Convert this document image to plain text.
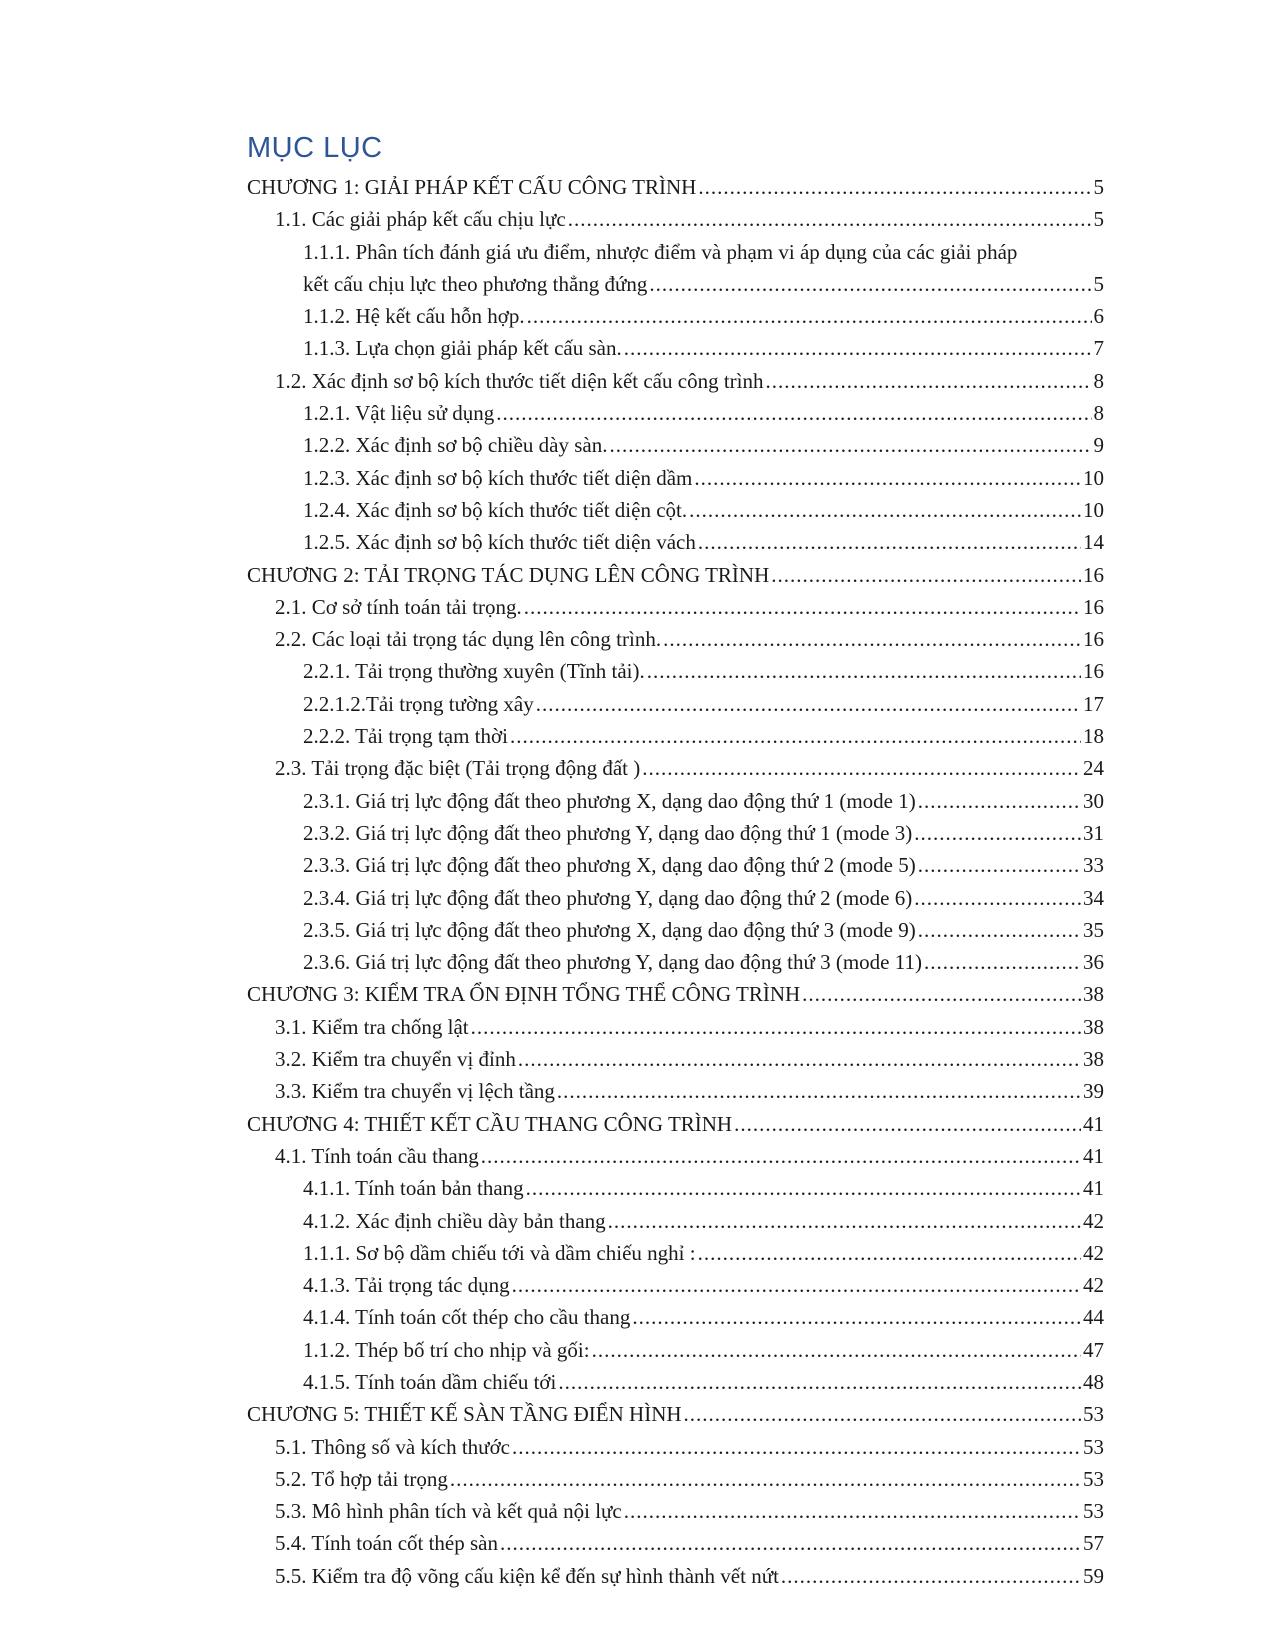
MỤC LỤC
CHƯƠNG 1: GIẢI PHÁP KẾT CẤU CÔNG TRÌNH .....	5
1.1. Các giải pháp kết cấu chịu lực .....	5
1.1.1. Phân tích đánh giá ưu điểm, nhược điểm và phạm vi áp dụng của các giải pháp
kết cấu chịu lực theo phương thẳng đứng .....	5
1.1.2. Hệ kết cấu hỗn hợp. .....	6
1.1.3. Lựa chọn giải pháp kết cấu sàn. .....	7
1.2. Xác định sơ bộ kích thước tiết diện kết cấu công trình .....	8
1.2.1. Vật liệu sử dụng .....	8
1.2.2. Xác định sơ bộ chiều dày sàn. .....	9
1.2.3. Xác định sơ bộ kích thước tiết diện dầm .....	10
1.2.4. Xác định sơ bộ kích thước tiết diện cột. .....	10
1.2.5. Xác định sơ bộ kích thước tiết diện vách .....	14
CHƯƠNG 2: TẢI TRỌNG TÁC DỤNG LÊN CÔNG TRÌNH .....	16
2.1. Cơ sở tính toán tải trọng. .....	16
2.2. Các loại tải trọng tác dụng lên công trình. .....	16
2.2.1. Tải trọng thường xuyên (Tĩnh tải). .....	16
2.2.1.2.Tải trọng tường xây .....	17
2.2.2. Tải trọng tạm thời .....	18
2.3. Tải trọng đặc biệt (Tải trọng động đất ) .....	24
2.3.1. Giá trị lực động đất theo phương X, dạng dao động thứ 1 (mode 1) .....	30
2.3.2. Giá trị lực động đất theo phương Y, dạng dao động thứ 1 (mode 3) .....	31
2.3.3. Giá trị lực động đất theo phương X, dạng dao động thứ 2 (mode 5) .....	33
2.3.4. Giá trị lực động đất theo phương Y, dạng dao động thứ 2 (mode 6) .....	34
2.3.5. Giá trị lực động đất theo phương X, dạng dao động thứ 3 (mode 9) .....	35
2.3.6. Giá trị lực động đất theo phương Y, dạng dao động thứ 3 (mode 11) .....	36
CHƯƠNG 3: KIỂM TRA ỔN ĐỊNH TỔNG THỂ CÔNG TRÌNH .....	38
3.1. Kiểm tra chống lật .....	38
3.2. Kiểm tra chuyển vị đỉnh .....	38
3.3. Kiểm tra chuyển vị lệch tầng .....	39
CHƯƠNG 4: THIẾT KẾT CẦU THANG CÔNG TRÌNH .....	41
4.1. Tính toán cầu thang .....	41
4.1.1. Tính toán bản thang .....	41
4.1.2. Xác định chiều dày bản thang .....	42
1.1.1. Sơ bộ dầm chiếu tới và dầm chiếu nghỉ : .....	42
4.1.3. Tải trọng tác dụng .....	42
4.1.4. Tính toán cốt thép cho cầu thang .....	44
1.1.2. Thép bố trí cho nhịp và gối: .....	47
4.1.5. Tính toán dầm chiếu tới .....	48
CHƯƠNG 5: THIẾT KẾ SÀN TẦNG ĐIỂN HÌNH .....	53
5.1. Thông số và kích thước .....	53
5.2. Tổ hợp tải trọng .....	53
5.3. Mô hình phân tích và kết quả nội lực .....	53
5.4. Tính toán cốt thép sàn .....	57
5.5. Kiểm tra độ võng cấu kiện kể đến sự hình thành vết nứt .....	59
